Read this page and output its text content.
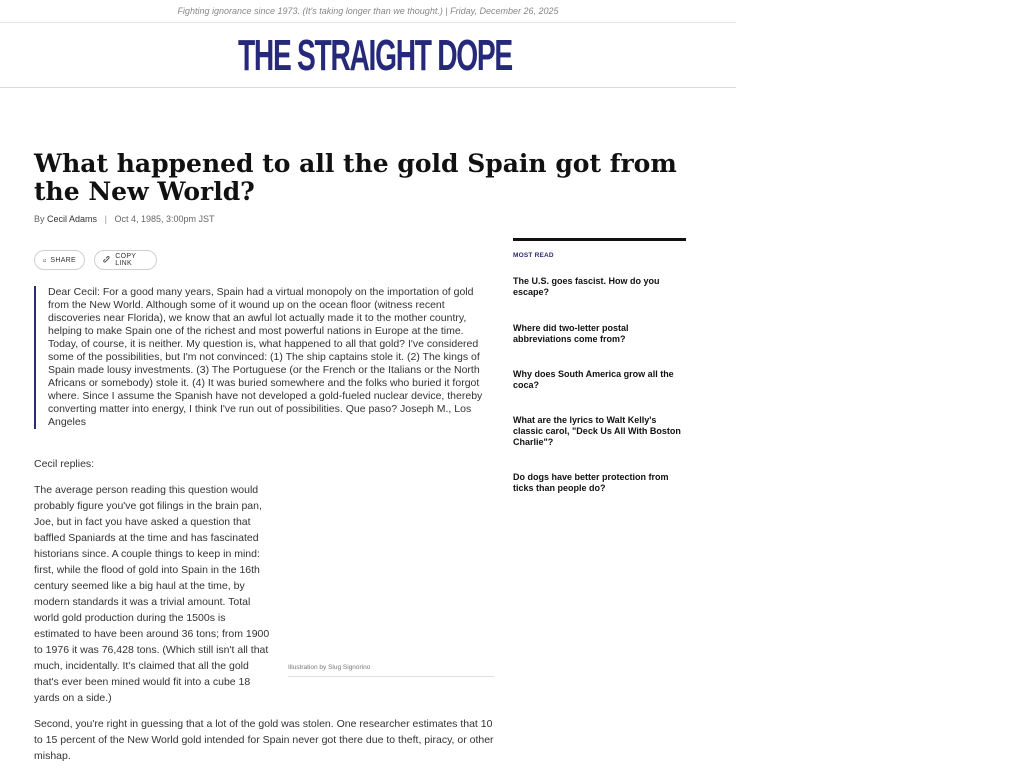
Fighting ignorance since 1973. (It's taking longer than we thought.) | Friday, December 26, 2025
THE STRAIGHT DOPE
What happened to all the gold Spain got from the New World?
By Cecil Adams | Oct 4, 1985, 3:00pm JST
SHARE	COPY LINK
Dear Cecil: For a good many years, Spain had a virtual monopoly on the importation of gold from the New World. Although some of it wound up on the ocean floor (witness recent discoveries near Florida), we know that an awful lot actually made it to the mother country, helping to make Spain one of the richest and most powerful nations in Europe at the time. Today, of course, it is neither. My question is, what happened to all that gold? I've considered some of the possibilities, but I'm not convinced: (1) The ship captains stole it. (2) The kings of Spain made lousy investments. (3) The Portuguese (or the French or the Italians or the North Africans or somebody) stole it. (4) It was buried somewhere and the folks who buried it forgot where. Since I assume the Spanish have not developed a gold-fueled nuclear device, thereby converting matter into energy, I think I've run out of possibilities. Que paso? Joseph M., Los Angeles
Cecil replies:

The average person reading this question would probably figure you've got filings in the brain pan, Joe, but in fact you have asked a question that baffled Spaniards at the time and has fascinated historians since. A couple things to keep in mind: first, while the flood of gold into Spain in the 16th century seemed like a big haul at the time, by modern standards it was a trivial amount. Total world gold production during the 1500s is estimated to have been around 36 tons; from 1900 to 1976 it was 76,428 tons. (Which still isn't all that much, incidentally. It's claimed that all the gold that's ever been mined would fit into a cube 18 yards on a side.)

Illustration by Slug Signorino

Second, you're right in guessing that a lot of the gold was stolen. One researcher estimates that 10 to 15 percent of the New World gold intended for Spain never got there due to theft, piracy, or other mishap.

MOST READ
The U.S. goes fascist. How do you escape?
Where did two-letter postal abbreviations come from?
Why does South America grow all the coca?
What are the lyrics to Walt Kelly's classic carol, "Deck Us All With Boston Charlie"?
Do dogs have better protection from ticks than people do?
